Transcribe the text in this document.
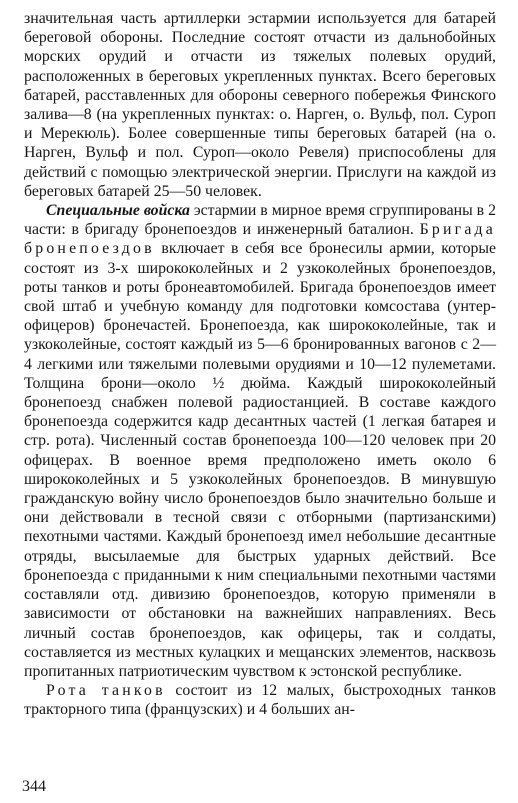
значительная часть артиллерки эстармии используется для батарей береговой обороны. Последние состоят отчасти из дальнобойных морских орудий и отчасти из тяжелых полевых орудий, расположенных в береговых укрепленных пунктах. Всего береговых батарей, расставленных для обороны северного побережья Финского залива—8 (на укрепленных пунктах: о. Нарген, о. Вульф, пол. Суроп и Мерекюль). Более совершенные типы береговых батарей (на о. Нарген, Вульф и пол. Суроп—около Ревеля) приспособлены для действий с помощью электрической энергии. Прислуги на каждой из береговых батарей 25—50 человек.

Специальные войска эстармии в мирное время сгруппированы в 2 части: в бригаду бронепоездов и инженерный баталион. Бригада бронепоездов включает в себя все бронесилы армии, которые состоят из 3-х ширококолейных и 2 узкоколейных бронепоездов, роты танков и роты бронеавтомобилей. Бригада бронепоездов имеет свой штаб и учебную команду для подготовки комсостава (унтер-офицеров) бронечастей. Бронепоезда, как ширококолейные, так и узкоколейные, состоят каждый из 5—6 бронированных вагонов с 2—4 легкими или тяжелыми полевыми орудиями и 10—12 пулеметами. Толщина брони—около ½ дюйма. Каждый ширококолейный бронепоезд снабжен полевой радиостанцией. В составе каждого бронепоезда содержится кадр десантных частей (1 легкая батарея и стр. рота). Численный состав бронепоезда 100—120 человек при 20 офицерах. В военное время предположено иметь около 6 ширококолейных и 5 узкоколейных бронепоездов. В минувшую гражданскую войну число бронепоездов было значительно больше и они действовали в тесной связи с отборными (партизанскими) пехотными частями. Каждый бронепоезд имел небольшие десантные отряды, высылаемые для быстрых ударных действий. Все бронепоезда с приданными к ним специальными пехотными частями составляли отд. дивизию бронепоездов, которую применяли в зависимости от обстановки на важнейших направлениях. Весь личный состав бронепоездов, как офицеры, так и солдаты, составляется из местных кулацких и мещанских элементов, насквозь пропитанных патриотическим чувством к эстонской республике.

Рота танков состоит из 12 малых, быстроходных танков тракторного типа (французских) и 4 больших ан-

344
